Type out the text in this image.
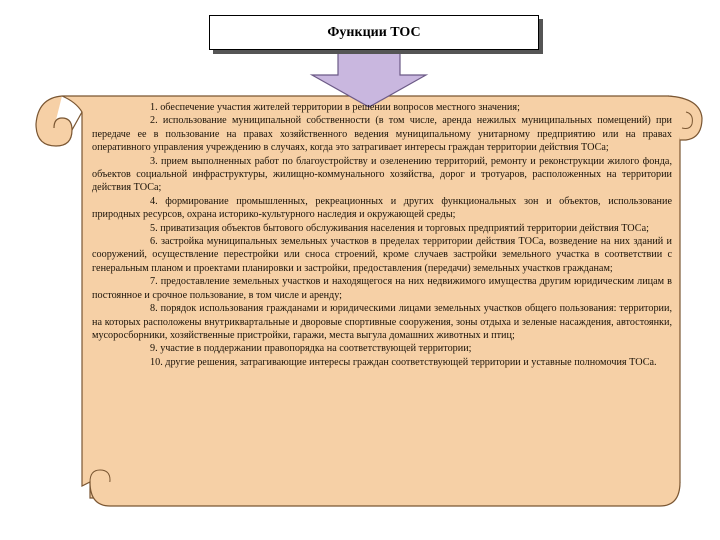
Функции ТОС

1. обеспечение участия жителей территории в решении вопросов местного значения;

2. использование муниципальной собственности (в том числе, аренда нежилых муниципальных помещений) при передаче ее в пользование на правах хозяйственного ведения муниципальному унитарному предприятию или на правах оперативного управления учреждению в случаях, когда это затрагивает интересы граждан территории действия ТОСа;

3. прием выполненных работ по благоустройству и озеленению территорий, ремонту и реконструкции жилого фонда, объектов социальной инфраструктуры, жилищно-коммунального хозяйства, дорог и тротуаров, расположенных на территории действия ТОСа;

4. формирование промышленных, рекреационных и других функциональных зон и объектов, использование природных ресурсов, охрана историко-культурного наследия и окружающей среды;

5. приватизация объектов бытового обслуживания населения и торговых предприятий территории действия ТОСа;

6. застройка муниципальных земельных участков в пределах территории действия ТОСа, возведение на них зданий и сооружений, осуществление перестройки или сноса строений, кроме случаев застройки земельного участка в соответствии с генеральным планом и проектами планировки и застройки, предоставления (передачи) земельных участков гражданам;

7. предоставление земельных участков и находящегося на них недвижимого имущества другим юридическим лицам в постоянное и срочное пользование, в том числе и аренду;

8. порядок использования гражданами и юридическими лицами земельных участков общего пользования: территории, на которых расположены внутриквартальные и дворовые спортивные сооружения, зоны отдыха и зеленые насаждения, автостоянки, мусоросборники, хозяйственные пристройки, гаражи, места выгула домашних животных и птиц;

9. участие в поддержании правопорядка на соответствующей территории;

10. другие решения, затрагивающие интересы граждан соответствующей территории и уставные полномочия ТОСа.
